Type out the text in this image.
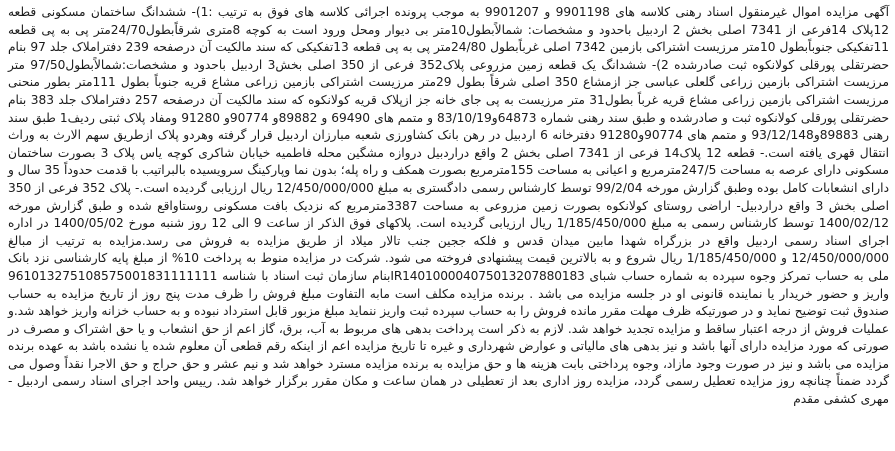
آگهی مزایده اموال غیرمنقول اسناد رهنی کلاسه های 9901198 و 9901207 به موجب پرونده اجرائی کلاسه های فوق به ترتیب :1)- ششدانگ ساختمان مسکونی قطعه 12پلاک 14فرعی از 7341 اصلی بخش 2 اردبیل باحدود و مشخصات: شمالاًبطول10متر بی دیوار ومحل ورود است به کوچه 8متری شرقاًبطول24/70متر پی به پی قطعه 11تفکیکی جنوباًبطول 10متر مرزیست اشتراکی بازمین 7342 اصلی غرباًبطول 24/80متر پی به پی قطعه 13تفکیکی که سند مالکیت آن درصفحه 239 دفتراملاک جلد 97 بنام حضرتقلی پورقلی کولانکوه ثبت صادرشده 2)- ششدانگ یک قطعه زمین مزروعی پلاک352 فرعی از 350 اصلی بخش3 اردبیل باحدود و مشخصات:شمالاًبطول97/50 متر مرزیست اشتراکی بازمین زراعی گلعلی عباسی جز ازمشاع 350 اصلی شرقاً بطول 29متر مرزیست اشتراکی بازمین زراعی مشاع قریه جنوباً بطول 111متر بطور منحنی مرزیست اشتراکی بازمین زراعی مشاع قریه غرباً بطول31 متر مرزیست به پی جای خانه جز ازپلاک قریه کولانکوه که سند مالکیت آن درصفحه 257 دفتراملاک جلد 383 بنام حضرتقلی پورقلی کولانکوه ثبت و صادرشده و طبق سند رهنی شماره 64873و83/10/19 و متمم های 69490 و 89882و 90774و 91280 ومفاد پلاک ثبتی ردیف1 طبق سند رهنی 89883و93/12/148 و متمم های 90774و91280 دفترخانه 6 اردبیل در رهن بانک کشاورزی شعبه مبارزان اردبیل قرار گرفته وهردو پلاک ازطریق سهم الارث به وراث انتقال قهری یافته است.- قطعه 12 پلاک14 فرعی از 7341 اصلی بخش 2 واقع دراردبیل دروازه مشگین محله فاطمیه خیابان شاکری کوچه یاس پلاک 3 بصورت ساختمان مسکونی دارای عرصه به مساحت 247/5مترمربع و اعیانی به مساحت 155مترمربع بصورت همکف و راه پله؛ بدون نما وپارکینگ سرویسیده بالبراتیب با قدمت حدوداً 35 سال و دارای انشعابات کامل بوده وطبق گزارش مورخه 99/2/04 توسط کارشناس رسمی دادگستری به مبلغ 12/450/000/000 ریال ارزیابی گردیده است.- پلاک 352 فرعی از 350 اصلی بخش 3 واقع دراردبیل- اراضی روستای کولانکوه بصورت زمین مزروعی به مساحت 3387مترمربع که نزدیک بافت مسکونی روستاواقع شده و طبق گزارش مورخه 1400/02/12 توسط کارشناس رسمی به مبلغ 1/185/450/000 ریال ارزیابی گردیده است. پلاکهای فوق الذکر از ساعت 9 الی 12 روز شنبه مورخ 1400/05/02 در اداره اجرای اسناد رسمی اردبیل واقع در بزرگراه شهدا مابین میدان قدس و فلکه ججین جنب تالار میلاد از طریق مزایده به فروش می رسد.مزایده به ترتیب از مبالغ 12/450/000/000 و 1/185/450/000 ریال شروع و به بالاترین قیمت پیشنهادی فروخته می شود. شرکت در مزایده منوط به پرداخت 10% از مبلغ پایه کارشناسی نزد بانک ملی به حساب تمرکز وجوه سپرده به شماره حساب شبای IR140100004075013207880183بنام سازمان ثبت اسناد با شناسه 961013275108575001831111111 واریز و حضور خریدار یا نماینده قانونی او در جلسه مزایده می باشد . برنده مزایده مکلف است مابه التفاوت مبلغ فروش را ظرف مدت پنج روز از تاریخ مزایده به حساب صندوق ثبت توضیح نماید و در صورتیکه ظرف مهلت مقرر مانده فروش را به حساب سپرده ثبت واریز ننماید مبلغ مزبور قابل استرداد نبوده و به حساب خزانه واریز خواهد شد.و عملیات فروش از درجه اعتبار ساقط و مزایده تجدید خواهد شد. لازم به ذکر است پرداخت بدهی های مربوط به آب، برق، گاز اعم از حق انشعاب و یا حق اشتراک و مصرف در صورتی که مورد مزایده دارای آنها باشد و نیز بدهی های مالیاتی و عوارض شهرداری و غیره تا تاریخ مزایده اعم از اینکه رقم قطعی آن معلوم شده یا نشده باشد به عهده برنده مزایده می باشد و نیز در صورت وجود مازاد، وجوه پرداختی بابت هزینه ها و حق مزایده به برنده مزایده مسترد خواهد شد و نیم عشر و حق حراج و حق الاجرا نقداً وصول می گردد ضمناً چنانچه روز مزایده تعطیل رسمی گردد، مزایده روز اداری بعد از تعطیلی در همان ساعت و مکان مقرر برگزار خواهد شد. رییس واحد اجرای اسناد رسمی اردبیل - مهری کشفی مقدم
